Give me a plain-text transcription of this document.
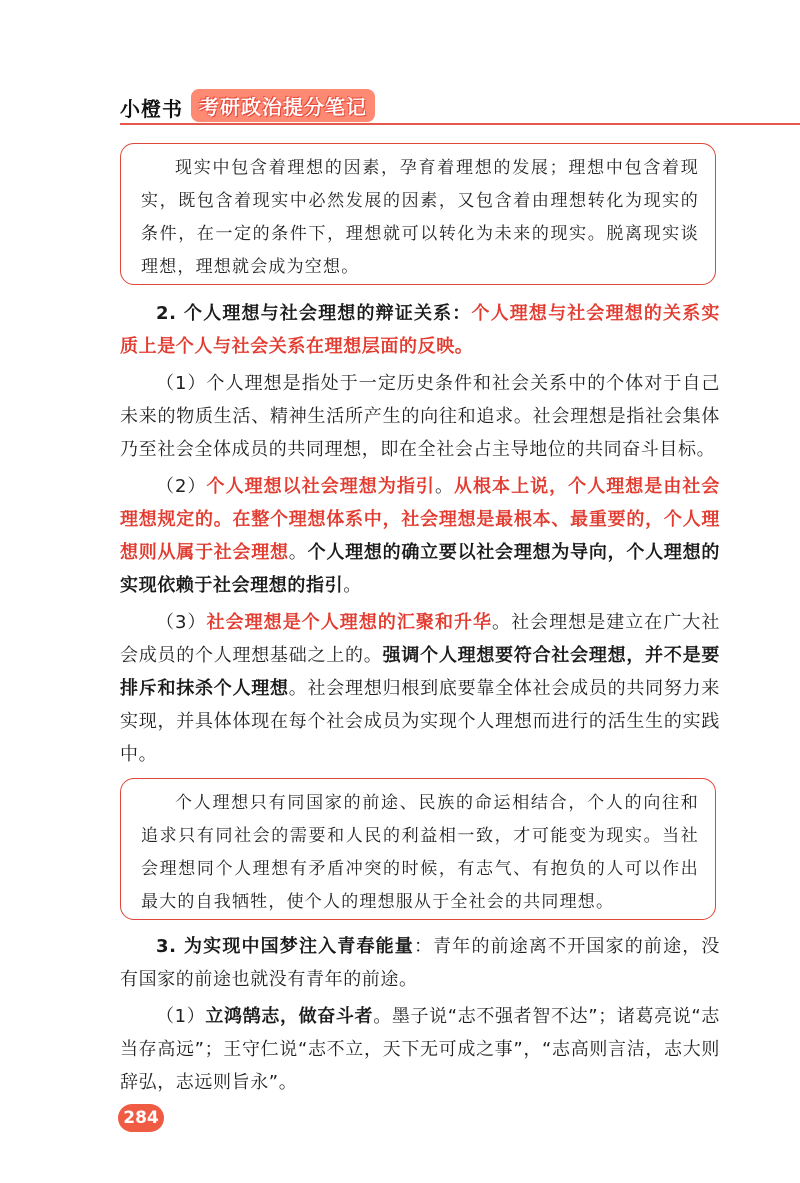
小橙书 考研政治提分笔记
现实中包含着理想的因素，孕育着理想的发展；理想中包含着现实，既包含着现实中必然发展的因素，又包含着由理想转化为现实的条件，在一定的条件下，理想就可以转化为未来的现实。脱离现实谈理想，理想就会成为空想。

2. 个人理想与社会理想的辩证关系：个人理想与社会理想的关系实质上是个人与社会关系在理想层面的反映。

（1）个人理想是指处于一定历史条件和社会关系中的个体对于自己未来的物质生活、精神生活所产生的向往和追求。社会理想是指社会集体乃至社会全体成员的共同理想，即在全社会占主导地位的共同奋斗目标。

（2）个人理想以社会理想为指引。从根本上说，个人理想是由社会理想规定的。在整个理想体系中，社会理想是最根本、最重要的，个人理想则从属于社会理想。个人理想的确立要以社会理想为导向，个人理想的实现依赖于社会理想的指引。

（3）社会理想是个人理想的汇聚和升华。社会理想是建立在广大社会成员的个人理想基础之上的。强调个人理想要符合社会理想，并不是要排斥和抹杀个人理想。社会理想归根到底要靠全体社会成员的共同努力来实现，并具体体现在每个社会成员为实现个人理想而进行的活生生的实践中。

个人理想只有同国家的前途、民族的命运相结合，个人的向往和追求只有同社会的需要和人民的利益相一致，才可能变为现实。当社会理想同个人理想有矛盾冲突的时候，有志气、有抱负的人可以作出最大的自我牺牲，使个人的理想服从于全社会的共同理想。

3. 为实现中国梦注入青春能量：青年的前途离不开国家的前途，没有国家的前途也就没有青年的前途。

（1）立鸿鹄志，做奋斗者。墨子说“志不强者智不达”；诸葛亮说“志当存高远”；王守仁说“志不立，天下无可成之事”，“志高则言洁，志大则辞弘，志远则旨永”。

284
